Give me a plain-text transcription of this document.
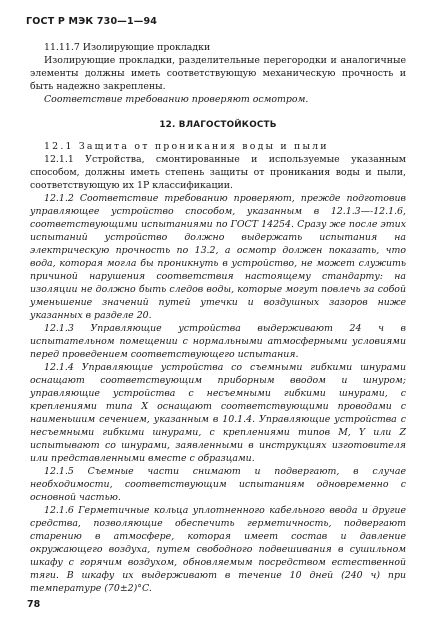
ГОСТ Р МЭК 730—1—94

11.11.7 Изолирующие прокладки

Изолирующие прокладки, разделительные перегородки и аналогичные элементы должны иметь соответствующую механическую прочность и быть надежно закреплены.

Соответствие требованию проверяют осмотром.

12. ВЛАГОСТОЙКОСТЬ

12.1 Защита от проникания воды и пыли

12.1.1 Устройства, смонтированные и используемые указанным способом, должны иметь степень защиты от проникания воды и пыли, соответствующую их 1Р классификации.

12.1.2 Соответствие требованию проверяют, прежде подготовив управляющее устройство способом, указанным в 12.1.3—-12.1.6, соответствующими испытаниями по ГОСТ 14254. Сразу же после этих испытаний устройство должно выдержать испытания на электрическую прочность по 13.2, а осмотр должен показать, что вода, которая могла бы проникнуть в устройство, не может служить причиной нарушения соответствия настоящему стандарту: на изоляции не должно быть следов воды, которые могут повлечь за собой уменьшение значений путей утечки и воздушных зазоров ниже указанных в разделе 20.

12.1.3 Управляющие устройства выдерживают 24 ч в испытательном помещении с нормальными атмосферными условиями перед проведением соответствующего испытания.

12.1.4 Управляющие устройства со съемными гибкими шнурами оснащают соответствующим приборным вводом и шнуром; управляющие устройства с несъемными гибкими шнурами, с креплениями типа X оснащают соответствующими проводами с наименьшим сечением, указанным в 10.1.4. Управляющие устройства с несъемными гибкими шнурами, с креплениями типов M, Y или Z испытывают со шнурами, заявленными в инструкциях изготовителя или представленными вместе с образцами.

12.1.5 Съемные части снимают и подвергают, в случае необходимости, соответствующим испытаниям одновременно с основной частью.

12.1.6 Герметичные кольца уплотненного кабельного ввода и другие средства, позволяющие обеспечить герметичность, подвергают старению в атмосфере, которая имеет состав и давление окружающего воздуха, путем свободного подвешивания в сушильном шкафу с горячим воздухом, обновляемым посредством естественной тяги. В шкафу их выдерживают в течение 10 дней (240 ч) при температуре (70±2)°C.

78
